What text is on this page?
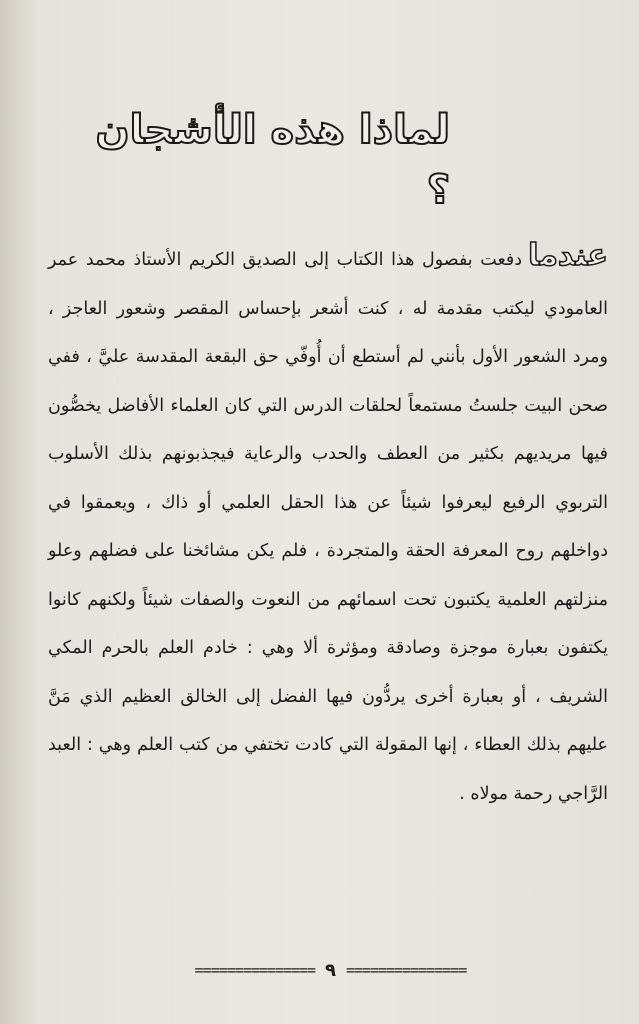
لماذا هذه الأشجان ؟
عندمادفعت بفصول هذا الكتاب إلى الصديق الكريم الأستاذ محمد عمر العامودي ليكتب مقدمة له ، كنت أشعر بإحساس المقصر وشعور العاجز ، ومرد الشعور الأول بأنني لم أستطع أن أُوفّي حق البقعة المقدسة عليَّ ، ففي صحن البيت جلستُ مستمعاً لحلقات الدرس التي كان العلماء الأفاضل يخصُّون فيها مريديهم بكثير من العطف والحدب والرعاية فيجذبونهم بذلك الأسلوب التربوي الرفيع ليعرفوا شيئاً عن هذا الحقل العلمي أو ذاك ، ويعمقوا في دواخلهم روح المعرفة الحقة والمتجردة ، فلم يكن مشائخنا على فضلهم وعلو منزلتهم العلمية يكتبون تحت اسمائهم من النعوت والصفات شيئاً ولكنهم كانوا يكتفون بعبارة موجزة وصادقة ومؤثرة ألا وهي : خادم العلم بالحرم المكي الشريف ، أو بعبارة أخرى يردُّون فيها الفضل إلى الخالق العظيم الذي مَنَّ عليهم بذلك العطاء ، إنها المقولة التي كادت تختفي من كتب العلم وهي : العبد الرَّاجي رحمة مولاه .
=============== ٩ ===============
